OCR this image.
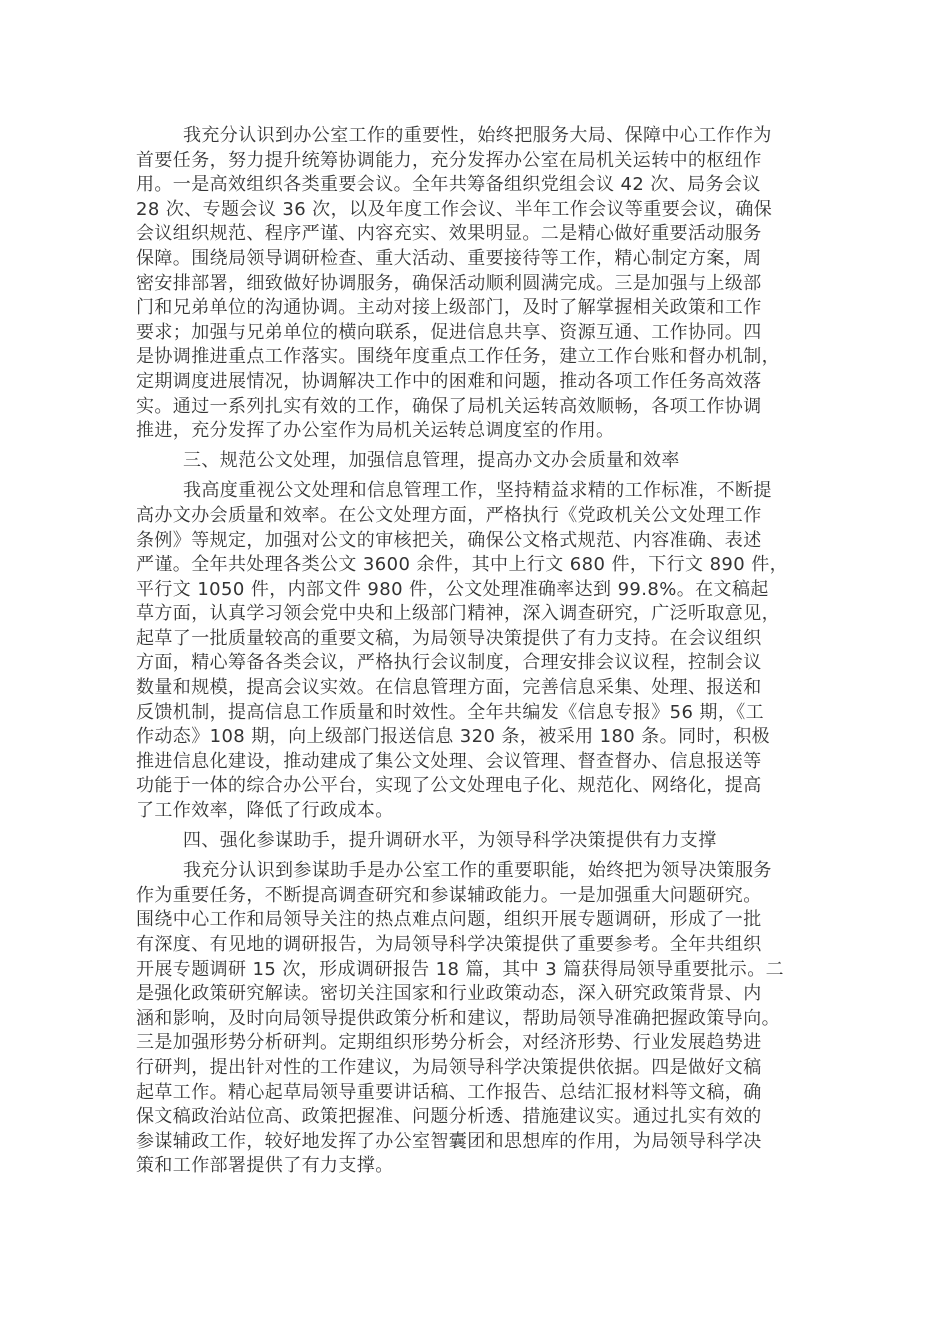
我充分认识到办公室工作的重要性，始终把服务大局、保障中心工作作为
首要任务，努力提升统筹协调能力，充分发挥办公室在局机关运转中的枢纽作
用。一是高效组织各类重要会议。全年共筹备组织党组会议 42 次、局务会议
28 次、专题会议 36 次，以及年度工作会议、半年工作会议等重要会议，确保
会议组织规范、程序严谨、内容充实、效果明显。二是精心做好重要活动服务
保障。围绕局领导调研检查、重大活动、重要接待等工作，精心制定方案，周
密安排部署，细致做好协调服务，确保活动顺利圆满完成。三是加强与上级部
门和兄弟单位的沟通协调。主动对接上级部门，及时了解掌握相关政策和工作
要求；加强与兄弟单位的横向联系，促进信息共享、资源互通、工作协同。四
是协调推进重点工作落实。围绕年度重点工作任务，建立工作台账和督办机制，
定期调度进展情况，协调解决工作中的困难和问题，推动各项工作任务高效落
实。通过一系列扎实有效的工作，确保了局机关运转高效顺畅，各项工作协调
推进，充分发挥了办公室作为局机关运转总调度室的作用。
三、规范公文处理，加强信息管理，提高办文办会质量和效率
我高度重视公文处理和信息管理工作，坚持精益求精的工作标准，不断提
高办文办会质量和效率。在公文处理方面，严格执行《党政机关公文处理工作
条例》等规定，加强对公文的审核把关，确保公文格式规范、内容准确、表述
严谨。全年共处理各类公文 3600 余件，其中上行文 680 件，下行文 890 件，
平行文 1050 件，内部文件 980 件，公文处理准确率达到 99.8%。在文稿起
草方面，认真学习领会党中央和上级部门精神，深入调查研究，广泛听取意见，
起草了一批质量较高的重要文稿，为局领导决策提供了有力支持。在会议组织
方面，精心筹备各类会议，严格执行会议制度，合理安排会议议程，控制会议
数量和规模，提高会议实效。在信息管理方面，完善信息采集、处理、报送和
反馈机制，提高信息工作质量和时效性。全年共编发《信息专报》56 期，《工
作动态》108 期，向上级部门报送信息 320 条，被采用 180 条。同时，积极
推进信息化建设，推动建成了集公文处理、会议管理、督查督办、信息报送等
功能于一体的综合办公平台，实现了公文处理电子化、规范化、网络化，提高
了工作效率，降低了行政成本。
四、强化参谋助手，提升调研水平，为领导科学决策提供有力支撑
我充分认识到参谋助手是办公室工作的重要职能，始终把为领导决策服务
作为重要任务，不断提高调查研究和参谋辅政能力。一是加强重大问题研究。
围绕中心工作和局领导关注的热点难点问题，组织开展专题调研，形成了一批
有深度、有见地的调研报告，为局领导科学决策提供了重要参考。全年共组织
开展专题调研 15 次，形成调研报告 18 篇，其中 3 篇获得局领导重要批示。二
是强化政策研究解读。密切关注国家和行业政策动态，深入研究政策背景、内
涵和影响，及时向局领导提供政策分析和建议，帮助局领导准确把握政策导向。
三是加强形势分析研判。定期组织形势分析会，对经济形势、行业发展趋势进
行研判，提出针对性的工作建议，为局领导科学决策提供依据。四是做好文稿
起草工作。精心起草局领导重要讲话稿、工作报告、总结汇报材料等文稿，确
保文稿政治站位高、政策把握准、问题分析透、措施建议实。通过扎实有效的
参谋辅政工作，较好地发挥了办公室智囊团和思想库的作用，为局领导科学决
策和工作部署提供了有力支撑。
